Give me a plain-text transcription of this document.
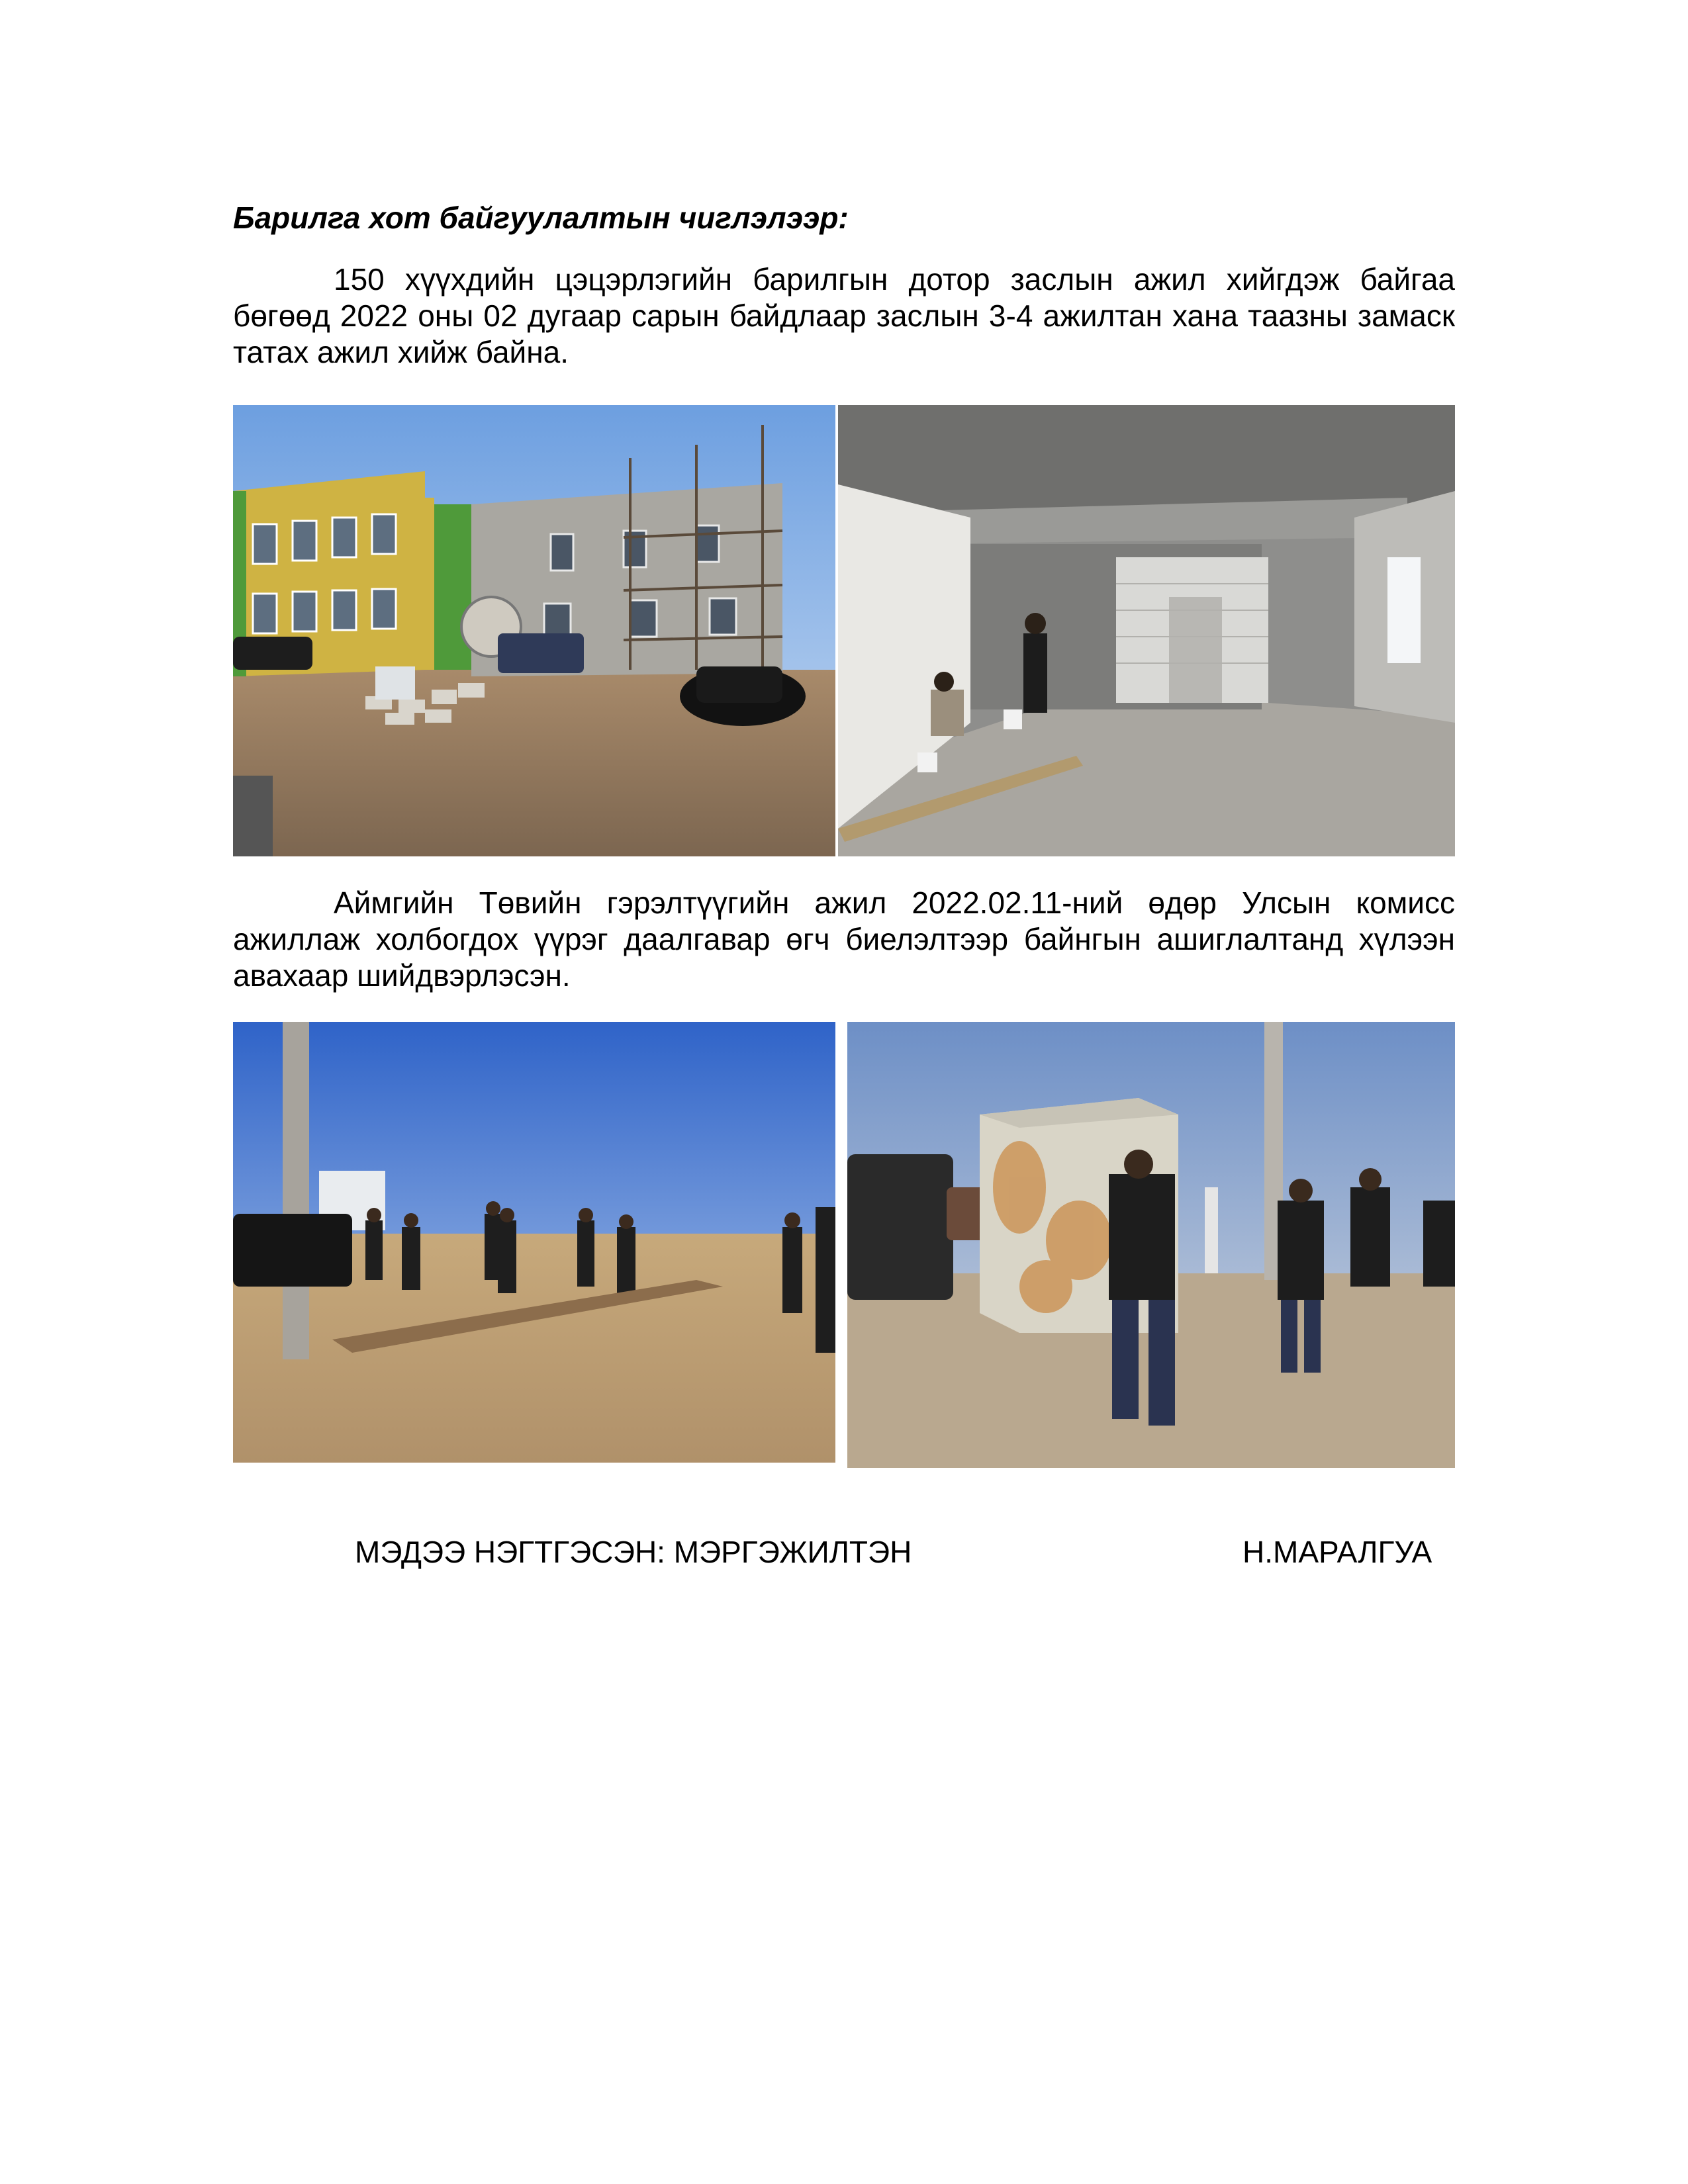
Барилга хот байгуулалтын чиглэлээр:

150 хүүхдийн цэцэрлэгийн барилгын дотор заслын ажил хийгдэж байгаа бөгөөд 2022 оны 02 дугаар сарын байдлаар заслын 3-4 ажилтан хана таазны замаск татах ажил хийж байна.

Аймгийн Төвийн гэрэлтүүгийн ажил 2022.02.11-ний өдөр Улсын комисс ажиллаж холбогдох үүрэг даалгавар өгч биелэлтээр байнгын ашиглалтанд хүлээн авахаар шийдвэрлэсэн.

МЭДЭЭ НЭГТГЭСЭН: МЭРГЭЖИЛТЭН	Н.МАРАЛГУА
